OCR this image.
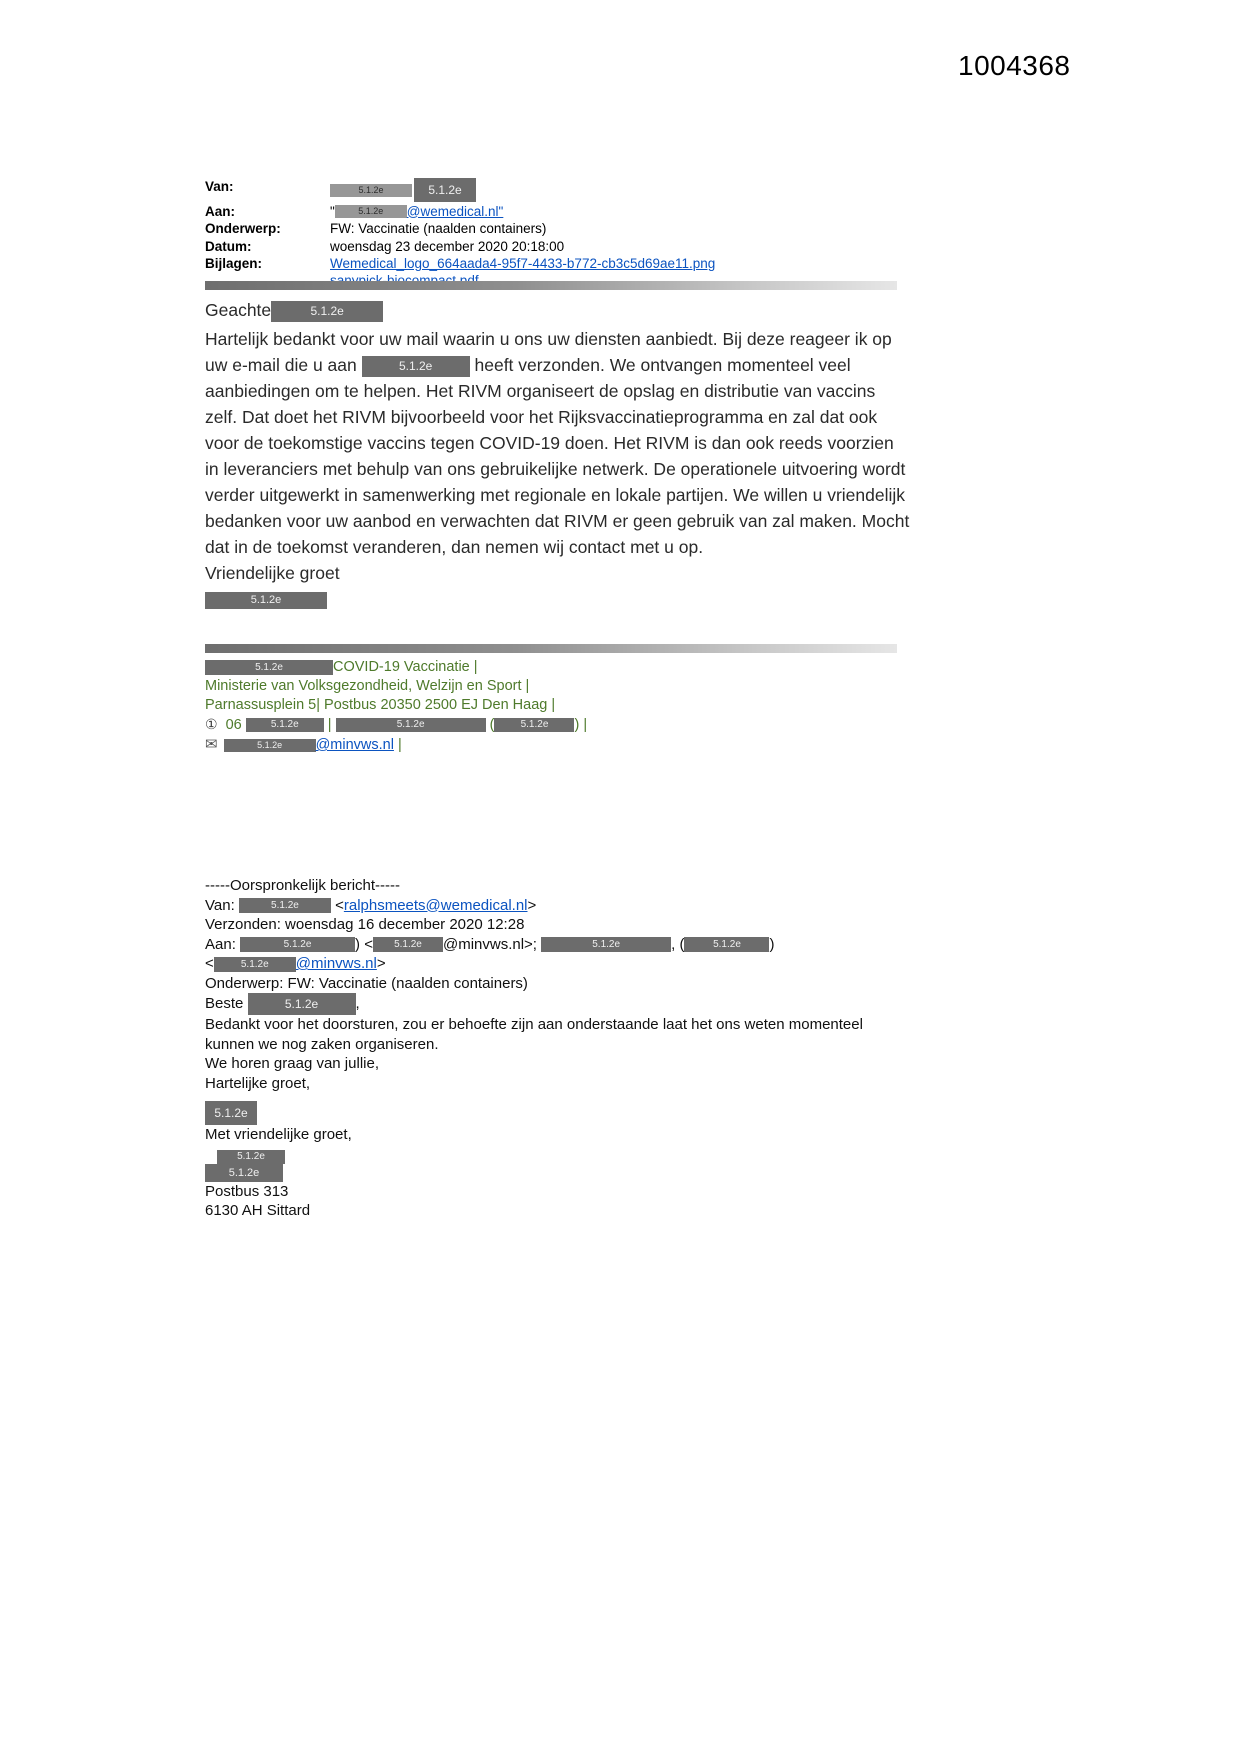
1004368
Van:	5.1.2e	5.1.2e
Aan:	"	5.1.2e @wemedical.nl"
Onderwerp:	FW: Vaccinatie (naalden containers)
Datum:	woensdag 23 december 2020 20:18:00
Bijlagen:	Wemedical_logo_664aada4-95f7-4433-b772-cb3c5d69ae11.png

Geachte	5.1.2e

Hartelijk bedankt voor uw mail waarin u ons uw diensten aanbiedt. Bij deze reageer ik op uw e-mail die u aan	5.1.2e heeft verzonden. We ontvangen momenteel veel aanbiedingen om te helpen. Het RIVM organiseert de opslag en distributie van vaccins zelf. Dat doet het RIVM bijvoorbeeld voor het Rijksvaccinatieprogramma en zal dat ook voor de toekomstige vaccins tegen COVID-19 doen. Het RIVM is dan ook reeds voorzien in leveranciers met behulp van ons gebruikelijke netwerk. De operationele uitvoering wordt verder uitgewerkt in samenwerking met regionale en lokale partijen. We willen u vriendelijk bedanken voor uw aanbod en verwachten dat RIVM er geen gebruik van zal maken. Mocht dat in de toekomst veranderen, dan nemen wij contact met u op.

Vriendelijke groet
5.1.2e
5.1.2e	COVID-19 Vaccinatie |
Ministerie van Volksgezondheid, Welzijn en Sport |
Parnassusplein 5| Postbus 20350 2500 EJ Den Haag |
① 06	5.1.2e |	5.1.2e	(	5.1.2e ) |
✉	5.1.2e @minvws.nl |
-----Oorspronkelijk bericht-----
Van:	5.1.2e <ralphsmeets@wemedical.nl>
Verzonden: woensdag 16 december 2020 12:28
Aan:	5.1.2e	) < 5.1.2e @minvws.nl>;	5.1.2e	, (	5.1.2e )
<	5.1.2e @minvws.nl>
Onderwerp: FW: Vaccinatie (naalden containers)
Beste	5.1.2e ,
Bedankt voor het doorsturen, zou er behoefte zijn aan onderstaande laat het ons weten momenteel kunnen we nog zaken organiseren.
We horen graag van jullie,
Hartelijke groet,
5.1.2e
Met vriendelijke groet,
5.1.2e
5.1.2e
Postbus 313
6130 AH Sittard
